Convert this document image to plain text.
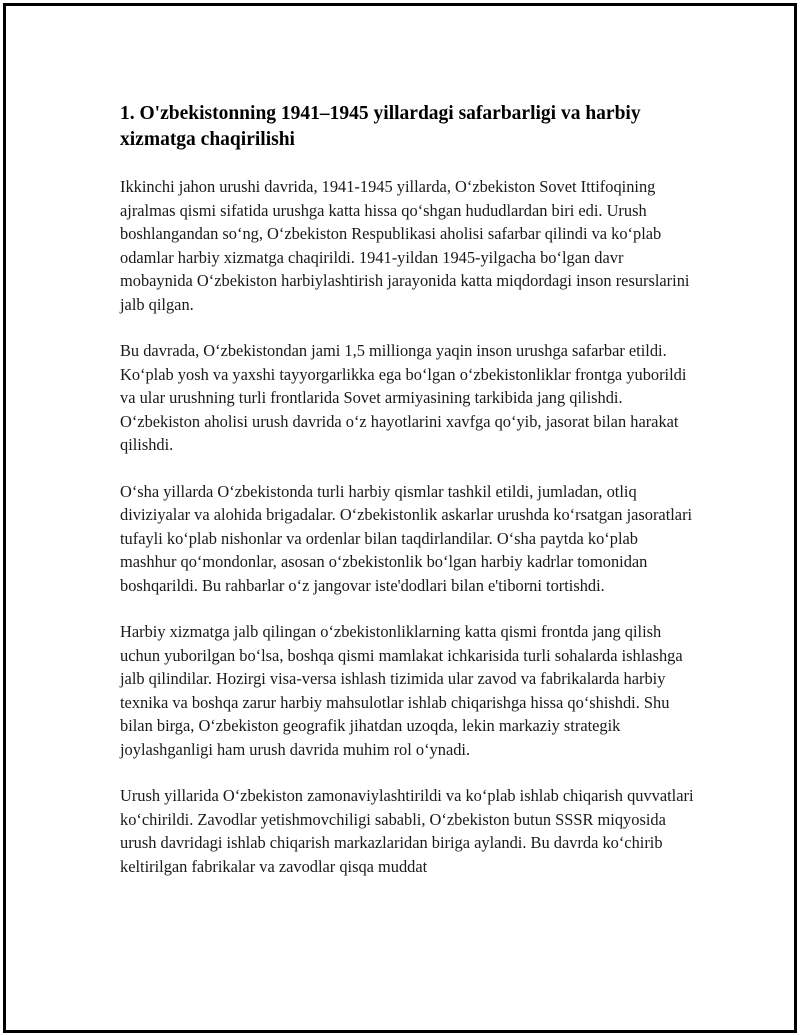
1. O'zbekistonning 1941–1945 yillardagi safarbarligi va harbiy xizmatga chaqirilishi

Ikkinchi jahon urushi davrida, 1941-1945 yillarda, O‘zbekiston Sovet Ittifoqining ajralmas qismi sifatida urushga katta hissa qo‘shgan hududlardan biri edi. Urush boshlangandan so‘ng, O‘zbekiston Respublikasi aholisi safarbar qilindi va ko‘plab odamlar harbiy xizmatga chaqirildi. 1941-yildan 1945-yilgacha bo‘lgan davr mobaynida O‘zbekiston harbiylashtirish jarayonida katta miqdordagi inson resurslarini jalb qilgan.

Bu davrada, O‘zbekistondan jami 1,5 millionga yaqin inson urushga safarbar etildi. Ko‘plab yosh va yaxshi tayyorgarlikka ega bo‘lgan o‘zbekistonliklar frontga yuborildi va ular urushning turli frontlarida Sovet armiyasining tarkibida jang qilishdi. O‘zbekiston aholisi urush davrida o‘z hayotlarini xavfga qo‘yib, jasorat bilan harakat qilishdi.

O‘sha yillarda O‘zbekistonda turli harbiy qismlar tashkil etildi, jumladan, otliq diviziyalar va alohida brigadalar. O‘zbekistonlik askarlar urushda ko‘rsatgan jasoratlari tufayli ko‘plab nishonlar va ordenlar bilan taqdirlandilar. O‘sha paytda ko‘plab mashhur qo‘mondonlar, asosan o‘zbekistonlik bo‘lgan harbiy kadrlar tomonidan boshqarildi. Bu rahbarlar o‘z jangovar iste'dodlari bilan e'tiborni tortishdi.

Harbiy xizmatga jalb qilingan o‘zbekistonliklarning katta qismi frontda jang qilish uchun yuborilgan bo‘lsa, boshqa qismi mamlakat ichkarisida turli sohalarda ishlashga jalb qilindilar. Hozirgi visa-versa ishlash tizimida ular zavod va fabrikalarda harbiy texnika va boshqa zarur harbiy mahsulotlar ishlab chiqarishga hissa qo‘shishdi. Shu bilan birga, O‘zbekiston geografik jihatdan uzoqda, lekin markaziy strategik joylashganligi ham urush davrida muhim rol o‘ynadi.

Urush yillarida O‘zbekiston zamonaviylashtirildi va ko‘plab ishlab chiqarish quvvatlari ko‘chirildi. Zavodlar yetishmovchiligi sababli, O‘zbekiston butun SSSR miqyosida urush davridagi ishlab chiqarish markazlaridan biriga aylandi. Bu davrda ko‘chirib keltirilgan fabrikalar va zavodlar qisqa muddat
